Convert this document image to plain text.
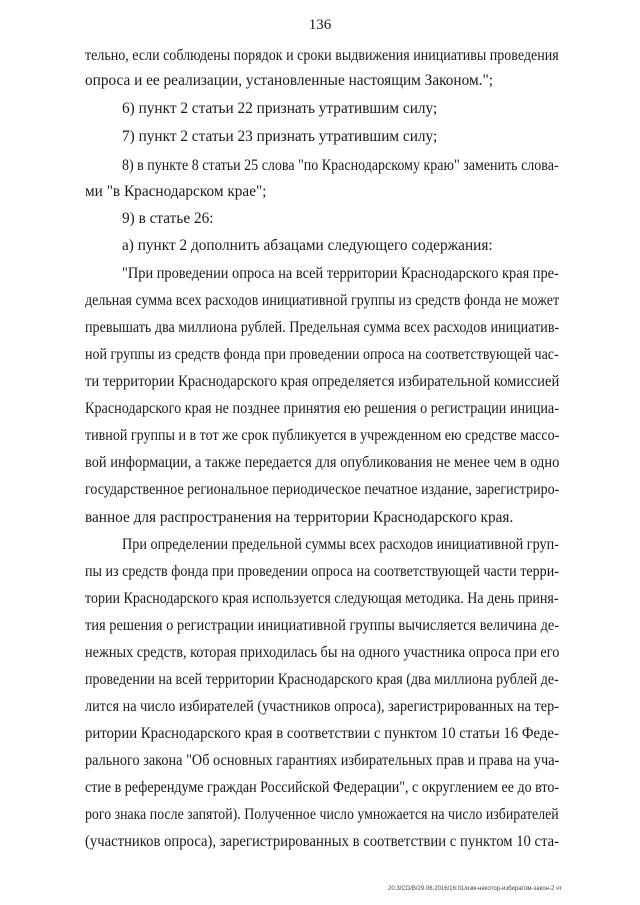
136
тельно, если соблюдены порядок и сроки выдвижения инициативы проведения
опроса и ее реализации, установленные настоящим Законом.";
6) пункт 2 статьи 22 признать утратившим силу;
7) пункт 2 статьи 23 признать утратившим силу;
8) в пункте 8 статьи 25 слова "по Краснодарскому краю" заменить слова-
ми "в Краснодарском крае";
9) в статье 26:
а) пункт 2 дополнить абзацами следующего содержания:
"При проведении опроса на всей территории Краснодарского края пре-
дельная сумма всех расходов инициативной группы из средств фонда не может
превышать два миллиона рублей. Предельная сумма всех расходов инициатив-
ной группы из средств фонда при проведении опроса на соответствующей час-
ти территории Краснодарского края определяется избирательной комиссией
Краснодарского края не позднее принятия ею решения о регистрации инициа-
тивной группы и в тот же срок публикуется в учрежденном ею средстве массо-
вой информации, а также передается для опубликования не менее чем в одно
государственное региональное периодическое печатное издание, зарегистриро-
ванное для распространения на территории Краснодарского края.
При определении предельной суммы всех расходов инициативной груп-
пы из средств фонда при проведении опроса на соответствующей части терри-
тории Краснодарского края используется следующая методика. На день приня-
тия решения о регистрации инициативной группы вычисляется величина де-
нежных средств, которая приходилась бы на одного участника опроса при его
проведении на всей территории Краснодарского края (два миллиона рублей де-
лится на число избирателей (участников опроса), зарегистрированных на тер-
ритории Краснодарского края в соответствии с пунктом 10 статьи 16 Феде-
рального закона "Об основных гарантиях избирательных прав и права на уча-
стие в референдуме граждан Российской Федерации", с округлением ее до вто-
рого знака после запятой). Полученное число умножается на число избирателей
(участников опроса), зарегистрированных в соответствии с пунктом 10 ста-
20.3/СО/В/29.06.2016/16:01/изм-некотор-избиратом-закон-2 чт
